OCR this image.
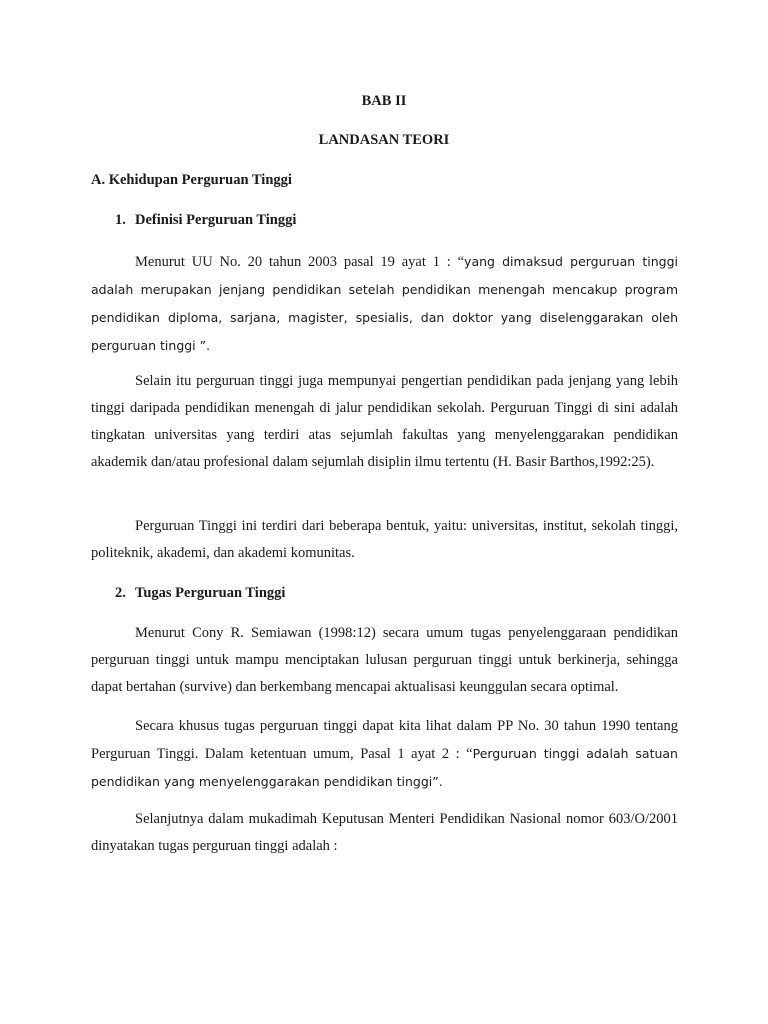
BAB II
LANDASAN TEORI
A. Kehidupan Perguruan Tinggi
1. Definisi Perguruan Tinggi

Menurut UU No. 20 tahun 2003 pasal 19 ayat 1 : “yang dimaksud perguruan tinggi adalah merupakan jenjang pendidikan setelah pendidikan menengah mencakup program pendidikan diploma, sarjana, magister, spesialis, dan doktor yang diselenggarakan oleh perguruan tinggi ”.

Selain itu perguruan tinggi juga mempunyai pengertian pendidikan pada jenjang yang lebih tinggi daripada pendidikan menengah di jalur pendidikan sekolah. Perguruan Tinggi di sini adalah tingkatan universitas yang terdiri atas sejumlah fakultas yang menyelenggarakan pendidikan akademik dan/atau profesional dalam sejumlah disiplin ilmu tertentu (H. Basir Barthos,1992:25).

Perguruan Tinggi ini terdiri dari beberapa bentuk, yaitu: universitas, institut, sekolah tinggi, politeknik, akademi, dan akademi komunitas.

2. Tugas Perguruan Tinggi

Menurut Cony R. Semiawan (1998:12) secara umum tugas penyelenggaraan pendidikan perguruan tinggi untuk mampu menciptakan lulusan perguruan tinggi untuk berkinerja, sehingga dapat bertahan (survive) dan berkembang mencapai aktualisasi keunggulan secara optimal.

Secara khusus tugas perguruan tinggi dapat kita lihat dalam PP No. 30 tahun 1990 tentang Perguruan Tinggi. Dalam ketentuan umum, Pasal 1 ayat 2 : “Perguruan tinggi adalah satuan pendidikan yang menyelenggarakan pendidikan tinggi”.

Selanjutnya dalam mukadimah Keputusan Menteri Pendidikan Nasional nomor 603/O/2001 dinyatakan tugas perguruan tinggi adalah :
